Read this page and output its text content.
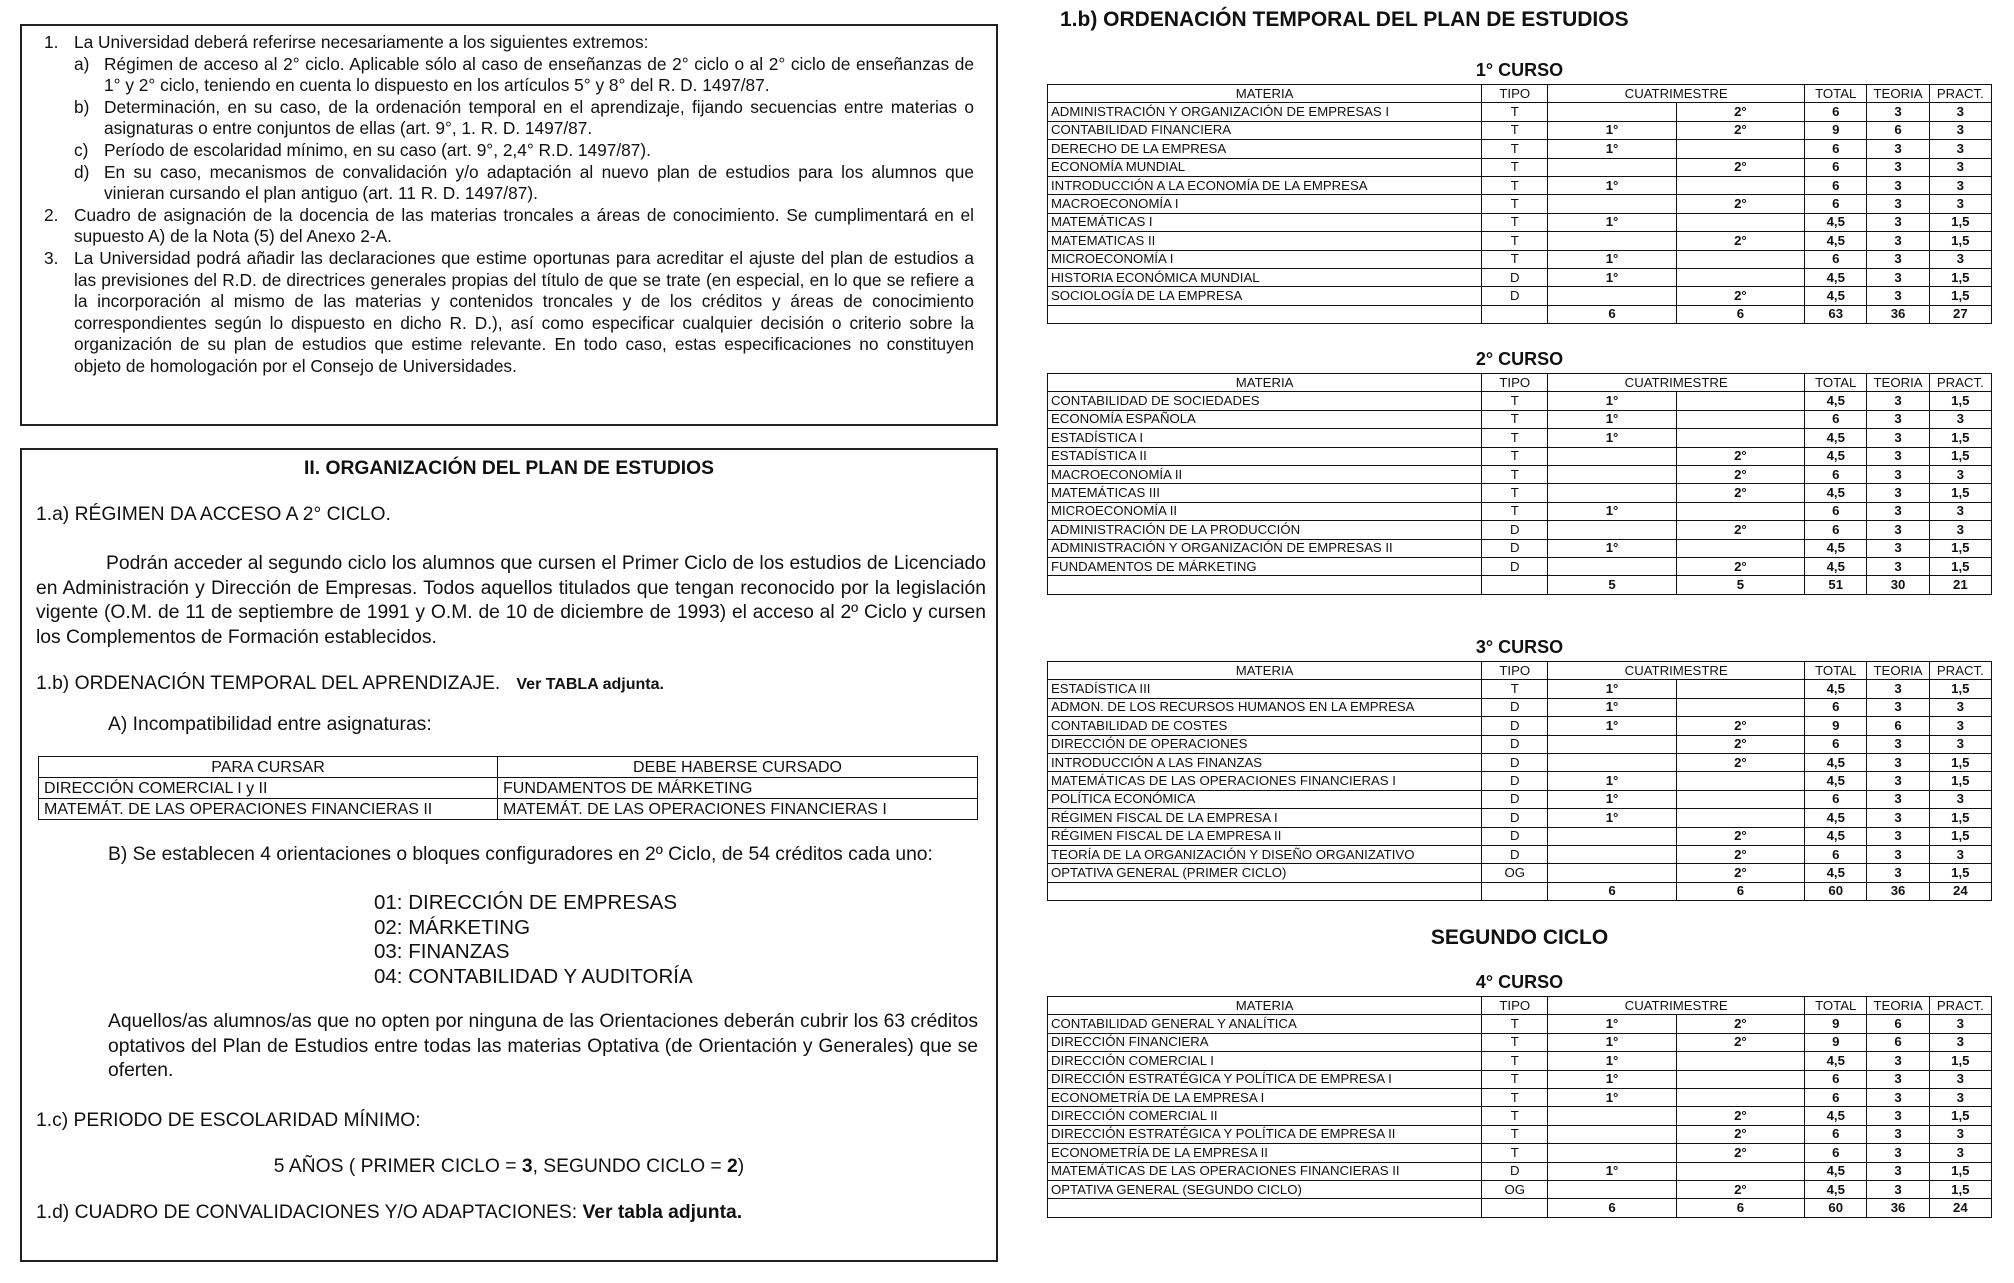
1. La Universidad deberá referirse necesariamente a los siguientes extremos:
a) Régimen de acceso al 2° ciclo. Aplicable sólo al caso de enseñanzas de 2° ciclo o al 2° ciclo de enseñanzas de 1° y 2° ciclo, teniendo en cuenta lo dispuesto en los artículos 5° y 8° del R. D. 1497/87.
b) Determinación, en su caso, de la ordenación temporal en el aprendizaje, fijando secuencias entre materias o asignaturas o entre conjuntos de ellas (art. 9°, 1. R. D. 1497/87.
c) Período de escolaridad mínimo, en su caso (art. 9°, 2,4° R.D. 1497/87).
d) En su caso, mecanismos de convalidación y/o adaptación al nuevo plan de estudios para los alumnos que vinieran cursando el plan antiguo (art. 11 R. D. 1497/87).
2. Cuadro de asignación de la docencia de las materias troncales a áreas de conocimiento. Se cumplimentará en el supuesto A) de la Nota (5) del Anexo 2-A.
3. La Universidad podrá añadir las declaraciones que estime oportunas para acreditar el ajuste del plan de estudios a las previsiones del R.D. de directrices generales propias del título de que se trate (en especial, en lo que se refiere a la incorporación al mismo de las materias y contenidos troncales y de los créditos y áreas de conocimiento correspondientes según lo dispuesto en dicho R. D.), así como especificar cualquier decisión o criterio sobre la organización de su plan de estudios que estime relevante. En todo caso, estas especificaciones no constituyen objeto de homologación por el Consejo de Universidades.
II. ORGANIZACIÓN DEL PLAN DE ESTUDIOS
1.a) RÉGIMEN DA ACCESO A 2° CICLO.
Podrán acceder al segundo ciclo los alumnos que cursen el Primer Ciclo de los estudios de Licenciado en Administración y Dirección de Empresas. Todos aquellos titulados que tengan reconocido por la legislación vigente (O.M. de 11 de septiembre de 1991 y O.M. de 10 de diciembre de 1993) el acceso al 2º Ciclo y cursen los Complementos de Formación establecidos.
1.b) ORDENACIÓN TEMPORAL DEL APRENDIZAJE. Ver TABLA adjunta.
A) Incompatibilidad entre asignaturas:
PARA CURSAR	DEBE HABERSE CURSADO
DIRECCIÓN COMERCIAL I y II	FUNDAMENTOS DE MÁRKETING
MATEMÁT. DE LAS OPERACIONES FINANCIERAS II	MATEMÁT. DE LAS OPERACIONES FINANCIERAS I
B) Se establecen 4 orientaciones o bloques configuradores en 2º Ciclo, de 54 créditos cada uno:
01: DIRECCIÓN DE EMPRESAS
02: MÁRKETING
03: FINANZAS
04: CONTABILIDAD Y AUDITORÍA
Aquellos/as alumnos/as que no opten por ninguna de las Orientaciones deberán cubrir los 63 créditos optativos del Plan de Estudios entre todas las materias Optativa (de Orientación y Generales) que se oferten.
1.c) PERIODO DE ESCOLARIDAD MÍNIMO:
5 AÑOS ( PRIMER CICLO = 3, SEGUNDO CICLO = 2)
1.d) CUADRO DE CONVALIDACIONES Y/O ADAPTACIONES: Ver tabla adjunta.
1.b) ORDENACIÓN TEMPORAL DEL PLAN DE ESTUDIOS
SEGUNDO CICLO
1° CURSO
MATERIA	TIPO	CUATRIMESTRE		TOTAL	TEORIA	PRACT.
ADMINISTRACIÓN Y ORGANIZACIÓN DE EMPRESAS I	T		2°	6	3	3
CONTABILIDAD FINANCIERA	T	1°	2°	9	6	3
DERECHO DE LA EMPRESA	T	1°		6	3	3
ECONOMÍA MUNDIAL	T		2°	6	3	3
INTRODUCCIÓN A LA ECONOMÍA DE LA EMPRESA	T	1°		6	3	3
MACROECONOMÍA I	T		2°	6	3	3
MATEMÁTICAS I	T	1°		4,5	3	1,5
MATEMATICAS II	T		2°	4,5	3	1,5
MICROECONOMÍA I	T	1°		6	3	3
HISTORIA ECONÓMICA MUNDIAL	D	1°		4,5	3	1,5
SOCIOLOGÍA DE LA EMPRESA	D		2°	4,5	3	1,5
		6	6	63	36	27
2° CURSO
MATERIA	TIPO	CUATRIMESTRE		TOTAL	TEORIA	PRACT.
CONTABILIDAD DE SOCIEDADES	T	1°		4,5	3	1,5
ECONOMÍA ESPAÑOLA	T	1°		6	3	3
ESTADÍSTICA I	T	1°		4,5	3	1,5
ESTADÍSTICA II	T		2°	4,5	3	1,5
MACROECONOMÍA II	T		2°	6	3	3
MATEMÁTICAS III	T		2°	4,5	3	1,5
MICROECONOMÍA II	T	1°		6	3	3
ADMINISTRACIÓN DE LA PRODUCCIÓN	D		2°	6	3	3
ADMINISTRACIÓN Y ORGANIZACIÓN DE EMPRESAS II	D	1°		4,5	3	1,5
FUNDAMENTOS DE MÁRKETING	D		2°	4,5	3	1,5
		5	5	51	30	21
3° CURSO
MATERIA	TIPO	CUATRIMESTRE		TOTAL	TEORIA	PRACT.
ESTADÍSTICA III	T	1°		4,5	3	1,5
ADMON. DE LOS RECURSOS HUMANOS EN LA EMPRESA	D	1°		6	3	3
CONTABILIDAD DE COSTES	D	1°	2°	9	6	3
DIRECCIÓN DE OPERACIONES	D		2°	6	3	3
INTRODUCCIÓN A LAS FINANZAS	D		2°	4,5	3	1,5
MATEMÁTICAS DE LAS OPERACIONES FINANCIERAS I	D	1°		4,5	3	1,5
POLÍTICA ECONÓMICA	D	1°		6	3	3
RÉGIMEN FISCAL DE LA EMPRESA I	D	1°		4,5	3	1,5
RÉGIMEN FISCAL DE LA EMPRESA II	D		2°	4,5	3	1,5
TEORÍA DE LA ORGANIZACIÓN Y DISEÑO ORGANIZATIVO	D		2°	6	3	3
OPTATIVA GENERAL (PRIMER CICLO)	OG		2°	4,5	3	1,5
		6	6	60	36	24
4° CURSO
MATERIA	TIPO	CUATRIMESTRE		TOTAL	TEORIA	PRACT.
CONTABILIDAD GENERAL Y ANALÍTICA	T	1°	2°	9	6	3
DIRECCIÓN FINANCIERA	T	1°	2°	9	6	3
DIRECCIÓN COMERCIAL I	T	1°		4,5	3	1,5
DIRECCIÓN ESTRATÉGICA Y POLÍTICA DE EMPRESA I	T	1°		6	3	3
ECONOMETRÍA DE LA EMPRESA I	T	1°		6	3	3
DIRECCIÓN COMERCIAL II	T		2°	4,5	3	1,5
DIRECCIÓN ESTRATÉGICA Y POLÍTICA DE EMPRESA II	T		2°	6	3	3
ECONOMETRÍA DE LA EMPRESA II	T		2°	6	3	3
MATEMÁTICAS DE LAS OPERACIONES FINANCIERAS II	D	1°		4,5	3	1,5
OPTATIVA GENERAL (SEGUNDO CICLO)	OG		2°	4,5	3	1,5
		6	6	60	36	24
